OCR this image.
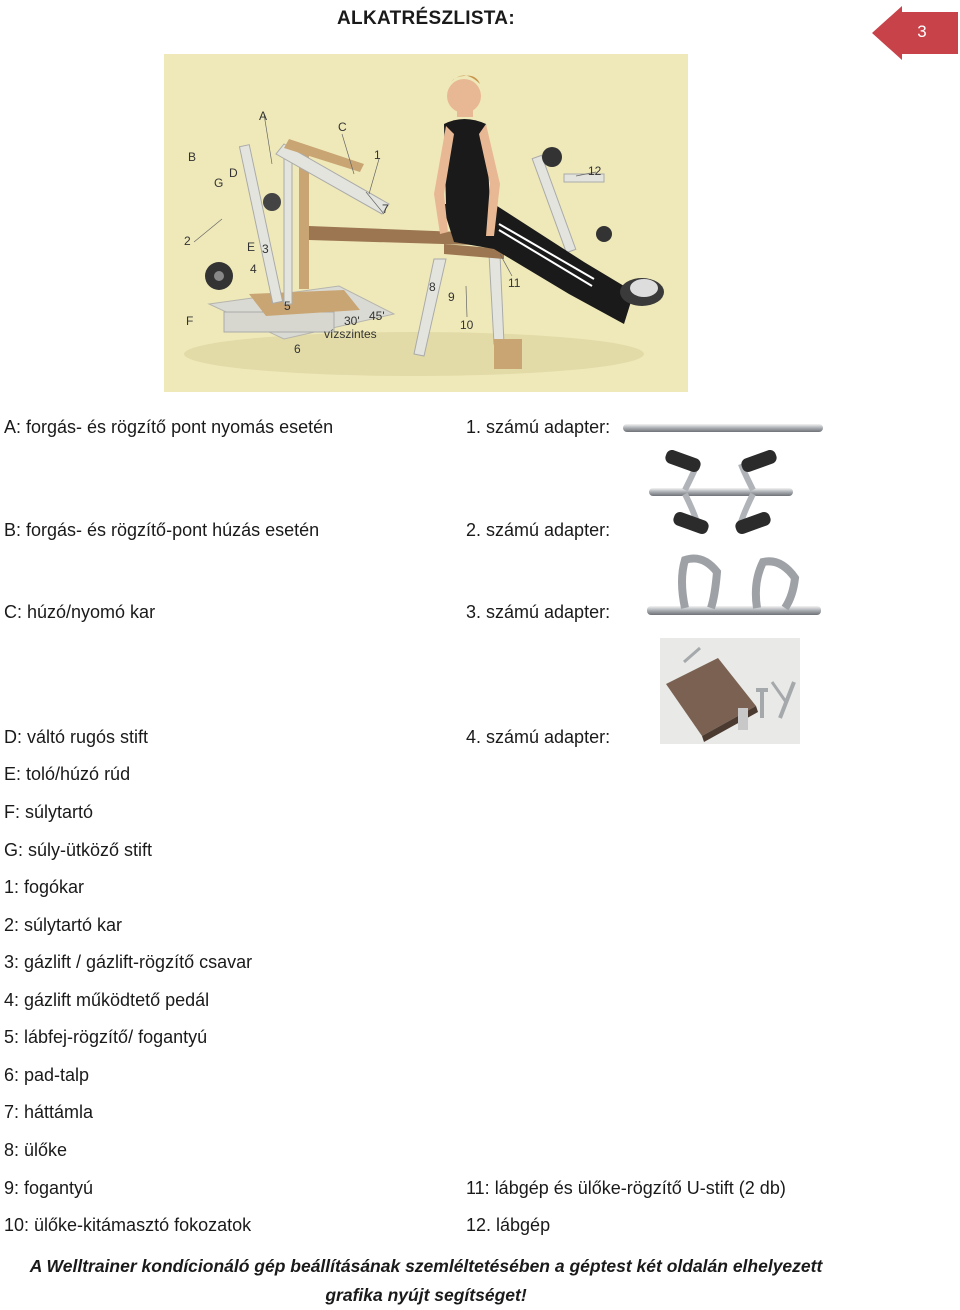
ALKATRÉSZLISTA:
3
A
B
C
G
D
1
7
12
2	E 3
4
5
F
6
30' 45'
vízszintes
8
9
10
11
A: forgás- és rögzítő pont nyomás esetén
B: forgás- és rögzítő-pont húzás esetén
C: húzó/nyomó kar
D: váltó rugós stift
E: toló/húzó rúd
F: súlytartó
G: súly-ütköző stift
1: fogókar
2: súlytartó kar
3: gázlift / gázlift-rögzítő csavar
4: gázlift működtető pedál
5: lábfej-rögzítő/ fogantyú
6: pad-talp
7: háttámla
8: ülőke
9: fogantyú
10: ülőke-kitámasztó fokozatok
1. számú adapter:
2. számú adapter:
3. számú adapter:
4. számú adapter:
11: lábgép és ülőke-rögzítő U-stift (2 db)
12. lábgép
A Welltrainer kondícionáló gép beállításának szemléltetésében a géptest két oldalán elhelyezett
grafika nyújt segítséget!
